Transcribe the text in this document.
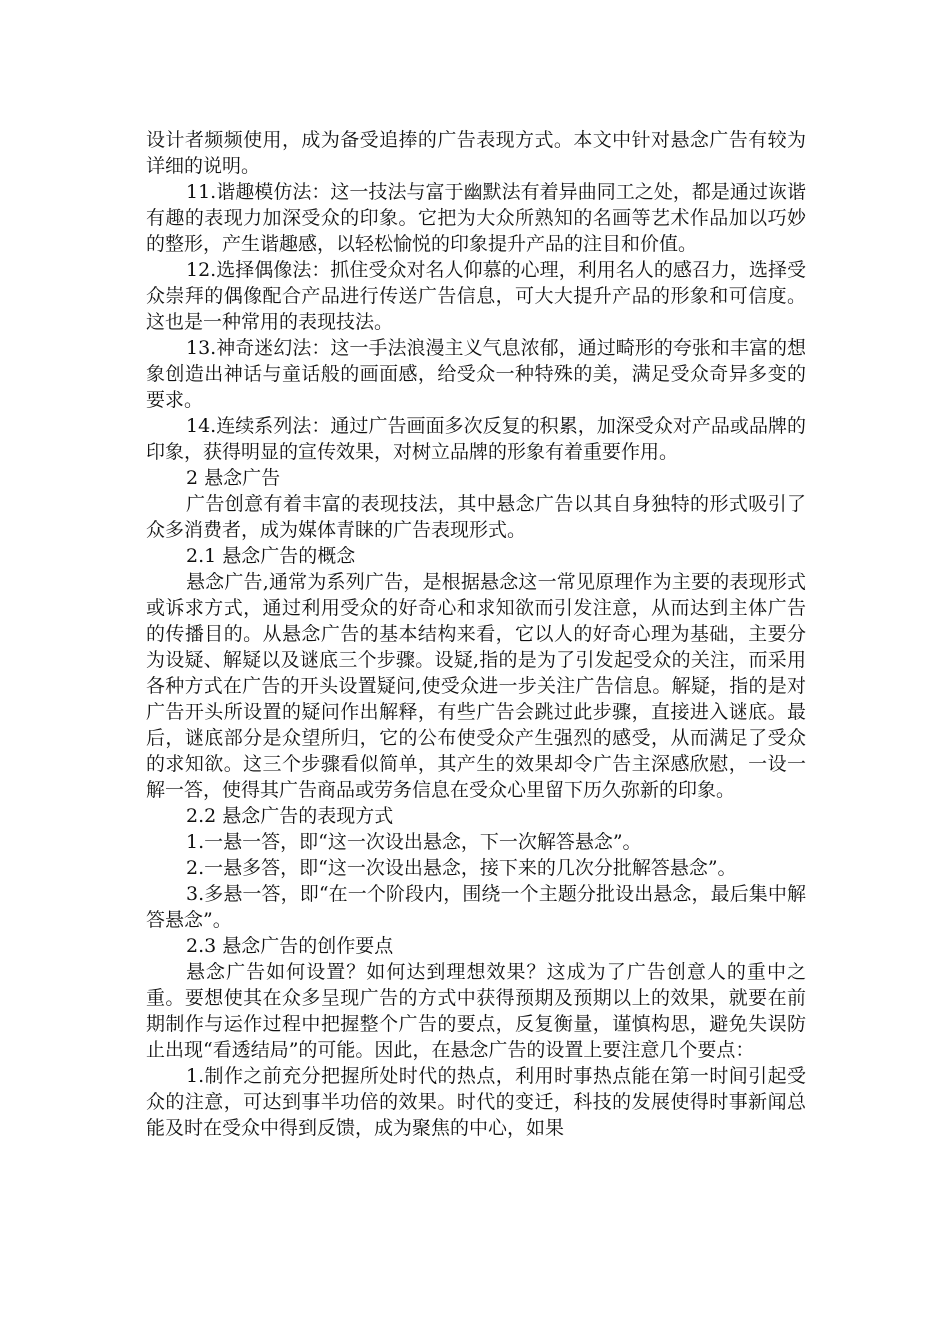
设计者频频使用，成为备受追捧的广告表现方式。本文中针对悬念广告有较为详细的说明。

11.谐趣模仿法：这一技法与富于幽默法有着异曲同工之处，都是通过诙谐有趣的表现力加深受众的印象。它把为大众所熟知的名画等艺术作品加以巧妙的整形，产生谐趣感，以轻松愉悦的印象提升产品的注目和价值。

12.选择偶像法：抓住受众对名人仰慕的心理，利用名人的感召力，选择受众崇拜的偶像配合产品进行传送广告信息，可大大提升产品的形象和可信度。这也是一种常用的表现技法。

13.神奇迷幻法：这一手法浪漫主义气息浓郁，通过畸形的夸张和丰富的想象创造出神话与童话般的画面感，给受众一种特殊的美，满足受众奇异多变的要求。

14.连续系列法：通过广告画面多次反复的积累，加深受众对产品或品牌的印象，获得明显的宣传效果，对树立品牌的形象有着重要作用。

2 悬念广告

广告创意有着丰富的表现技法，其中悬念广告以其自身独特的形式吸引了众多消费者，成为媒体青睐的广告表现形式。

2.1 悬念广告的概念

悬念广告,通常为系列广告，是根据悬念这一常见原理作为主要的表现形式或诉求方式，通过利用受众的好奇心和求知欲而引发注意，从而达到主体广告的传播目的。从悬念广告的基本结构来看，它以人的好奇心理为基础，主要分为设疑、解疑以及谜底三个步骤。设疑,指的是为了引发起受众的关注，而采用各种方式在广告的开头设置疑问,使受众进一步关注广告信息。解疑，指的是对广告开头所设置的疑问作出解释，有些广告会跳过此步骤，直接进入谜底。最后，谜底部分是众望所归，它的公布使受众产生强烈的感受，从而满足了受众的求知欲。这三个步骤看似简单，其产生的效果却令广告主深感欣慰，一设一解一答，使得其广告商品或劳务信息在受众心里留下历久弥新的印象。

2.2 悬念广告的表现方式

1.一悬一答，即“这一次设出悬念，下一次解答悬念”。

2.一悬多答，即“这一次设出悬念，接下来的几次分批解答悬念”。

3.多悬一答，即“在一个阶段内，围绕一个主题分批设出悬念，最后集中解答悬念”。

2.3 悬念广告的创作要点

悬念广告如何设置？如何达到理想效果？这成为了广告创意人的重中之重。要想使其在众多呈现广告的方式中获得预期及预期以上的效果，就要在前期制作与运作过程中把握整个广告的要点，反复衡量，谨慎构思，避免失误防止出现“看透结局”的可能。因此，在悬念广告的设置上要注意几个要点：

1.制作之前充分把握所处时代的热点，利用时事热点能在第一时间引起受众的注意，可达到事半功倍的效果。时代的变迁，科技的发展使得时事新闻总能及时在受众中得到反馈，成为聚焦的中心，如果
